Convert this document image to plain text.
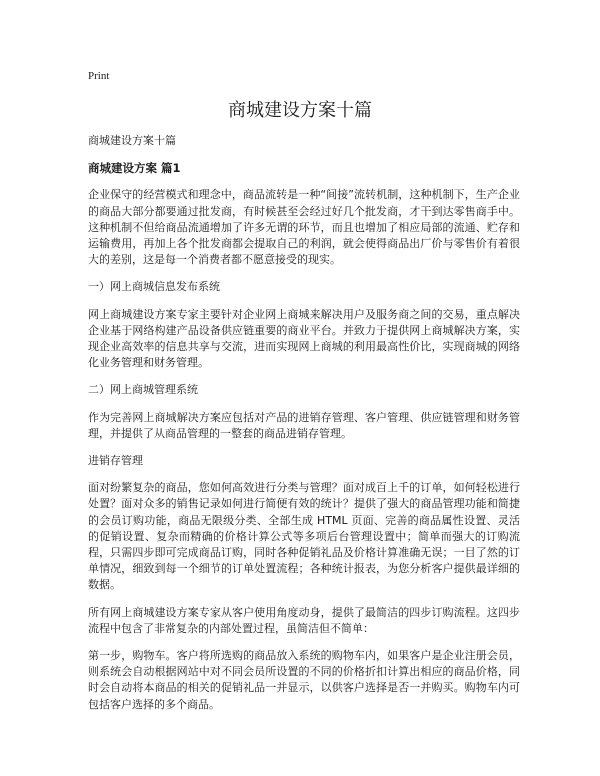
Print
商城建设方案十篇

商城建设方案十篇

商城建设方案 篇1

企业保守的经营模式和理念中，商品流转是一种“间接”流转机制，这种机制下，生产企业的商品大部分都要通过批发商，有时候甚至会经过好几个批发商，才干到达零售商手中。这种机制不但给商品流通增加了许多无谓的环节，而且也增加了相应局部的流通、贮存和运输费用，再加上各个批发商都会提取自己的利润，就会使得商品出厂价与零售价有着很大的差别，这是每一个消费者都不愿意接受的现实。

一）网上商城信息发布系统

网上商城建设方案专家主要针对企业网上商城来解决用户及服务商之间的交易，重点解决企业基于网络构建产品设备供应链重要的商业平台。并致力于提供网上商城解决方案，实现企业高效率的信息共享与交流，进而实现网上商城的利用最高性价比，实现商城的网络化业务管理和财务管理。

二）网上商城管理系统

作为完善网上商城解决方案应包括对产品的进销存管理、客户管理、供应链管理和财务管理，并提供了从商品管理的一整套的商品进销存管理。

进销存管理

面对纷繁复杂的商品，您如何高效进行分类与管理？面对成百上千的订单，如何轻松进行处置？面对众多的销售记录如何进行简便有效的统计？提供了强大的商品管理功能和简捷的会员订购功能，商品无限级分类、全部生成 HTML 页面、完善的商品属性设置、灵活的促销设置、复杂而精确的价格计算公式等多项后台管理设置中；简单而强大的订购流程，只需四步即可完成商品订购，同时各种促销礼品及价格计算准确无误；一目了然的订单情况，细致到每一个细节的订单处置流程；各种统计报表，为您分析客户提供最详细的数据。

所有网上商城建设方案专家从客户使用角度动身，提供了最简洁的四步订购流程。这四步流程中包含了非常复杂的内部处置过程，虽简洁但不简单：

第一步，购物车。客户将所选购的商品放入系统的购物车内，如果客户是企业注册会员，则系统会自动根据网站中对不同会员所设置的不同的价格折扣计算出相应的商品价格，同时会自动将本商品的相关的促销礼品一并显示，以供客户选择是否一并购买。购物车内可包括客户选择的多个商品。
